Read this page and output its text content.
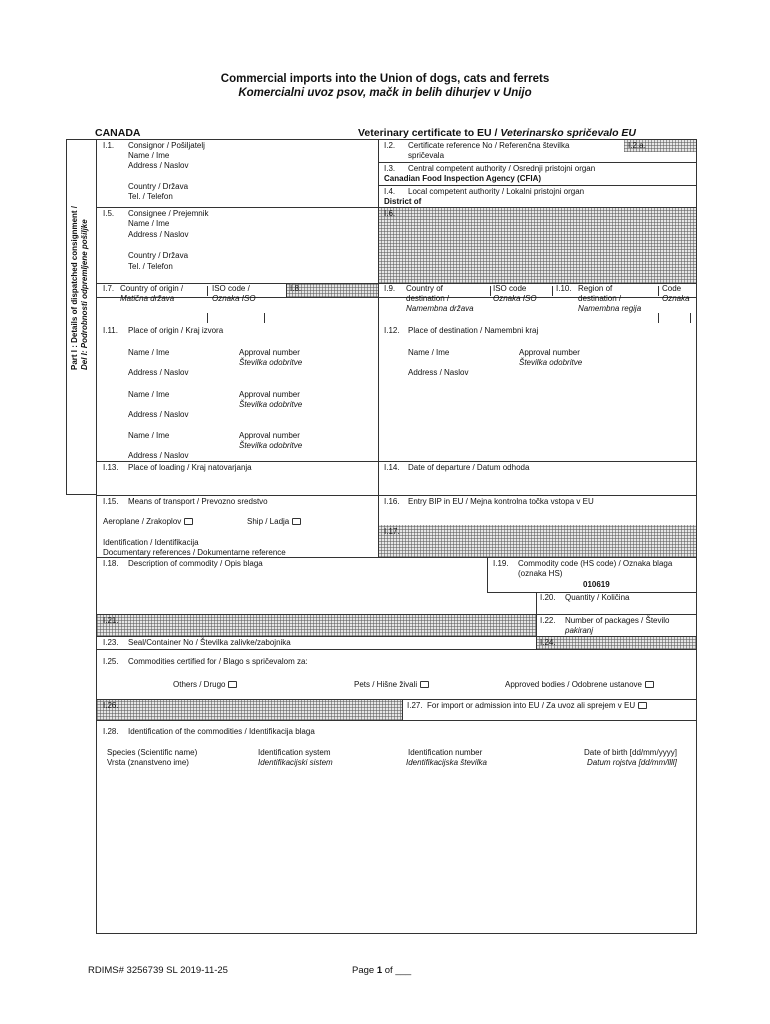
Commercial imports into the Union of dogs, cats and ferrets
Komercialni uvoz psov, mačk in belih dihurjev v Unijo
CANADA	Veterinary certificate to EU / Veterinarsko spričevalo EU
Part I : Details of dispatched consignment / Del I: Podrobnosti odpremljene pošiljke
I.1. Consignor / Pošiljatelj
Name / Ime
Address / Naslov
Country / Država
Tel. / Telefon
I.2. Certificate reference No / Referenčna številka
spričevala
I.2.a.
I.3. Central competent authority / Osrednji pristojni organ
Canadian Food Inspection Agency (CFIA)
I.4. Local competent authority / Lokalni pristojni organ
District of
I.5. Consignee / Prejemnik
Name / Ime
Address / Naslov
Country / Država
Tel. / Telefon
I.6.
I.7. Country of origin /
Matična država
ISO code /
Oznaka ISO
I.8.	I.9. Country of
destination /
Namembna država
ISO code
Oznaka ISO
I.10. Region of
destination /
Namembna regija
Code
Oznaka
I.11. Place of origin / Kraj izvora
Name / Ime	Approval number
Številka odobritve
Address / Naslov
Name / Ime	Approval number
Številka odobritve
Address / Naslov
Name / Ime	Approval number
Številka odobritve
Address / Naslov
I.12. Place of destination / Namembni kraj
Name / Ime	Approval number
Številka odobritve
Address / Naslov
I.13. Place of loading / Kraj natovarjanja	I.14. Date of departure / Datum odhoda
I.15. Means of transport / Prevozno sredstvo
Aeroplane / Zrakoplov	Ship / Ladja
Identification / Identifikacija
Documentary references / Dokumentarne reference
I.16. Entry BIP in EU / Mejna kontrolna točka vstopa v EU
I.17.
I.18. Description of commodity / Opis blaga	I.19. Commodity code (HS code) / Oznaka blaga
(oznaka HS)
010619
I.20. Quantity / Količina
I.21.	I.22. Number of packages / Število
pakiranj
I.23. Seal/Container No / Številka zalivke/zabojnika	I.24.
I.25. Commodities certified for / Blago s spričevalom za:
Others / Drugo	Pets / Hišne živali	Approved bodies / Odobrene ustanove
I.26.	I.27. For import or admission into EU / Za uvoz ali sprejem v EU
I.28. Identification of the commodities / Identifikacija blaga
Species (Scientific name)
Vrsta (znanstveno ime)
Identification system
Identifikacijski sistem
Identification number
Identifikacijska številka
Date of birth [dd/mm/yyyy]
Datum rojstva [dd/mm/llll]
RDIMS# 3256739 SL 2019-11-25	Page 1 of ___
